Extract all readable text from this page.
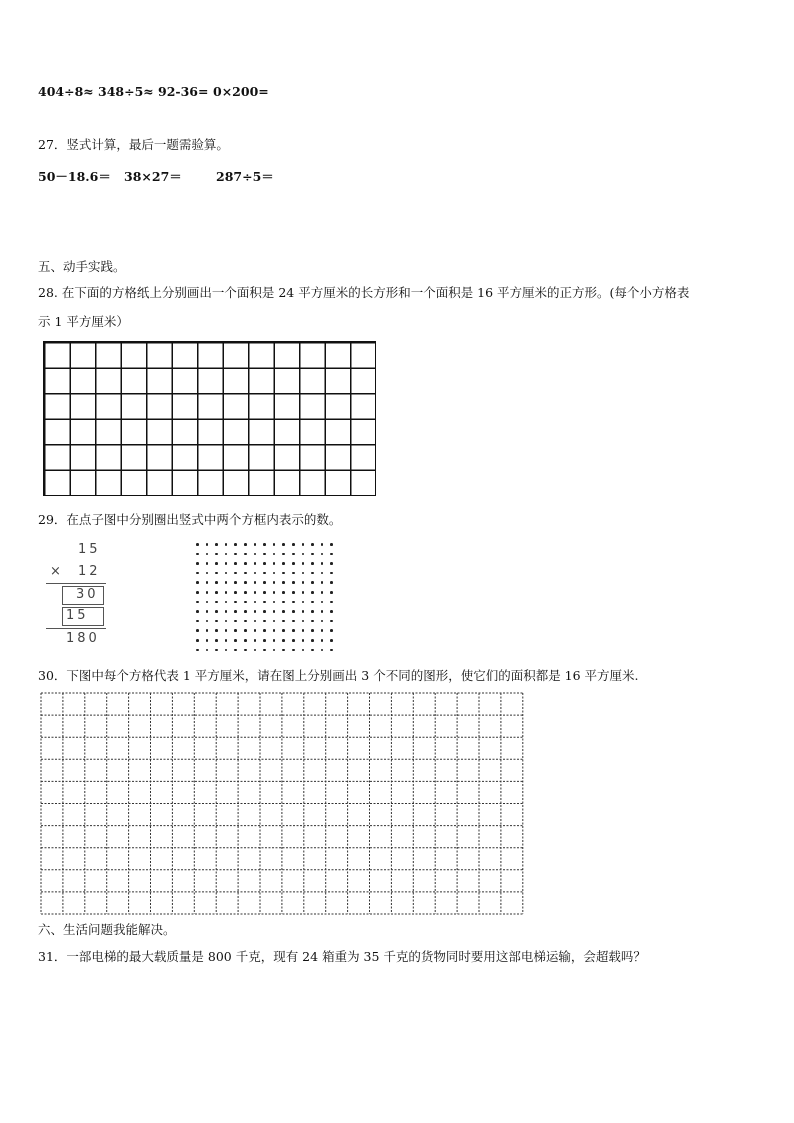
404÷8≈ 348÷5≈ 92-36= 0×200=
27．竖式计算，最后一题需验算。
50－18.6＝ 38×27＝	287÷5＝
五、动手实践。
28. 在下面的方格纸上分别画出一个面积是 24 平方厘米的长方形和一个面积是 16 平方厘米的正方形。(每个小方格表
示 1 平方厘米）
29．在点子图中分别圈出竖式中两个方框内表示的数。
15
× 12
30
15
180
30．下图中每个方格代表 1 平方厘米，请在图上分别画出 3 个不同的图形，使它们的面积都是 16 平方厘米.
六、生活问题我能解决。
31．一部电梯的最大载质量是 800 千克，现有 24 箱重为 35 千克的货物同时要用这部电梯运输，会超载吗？
